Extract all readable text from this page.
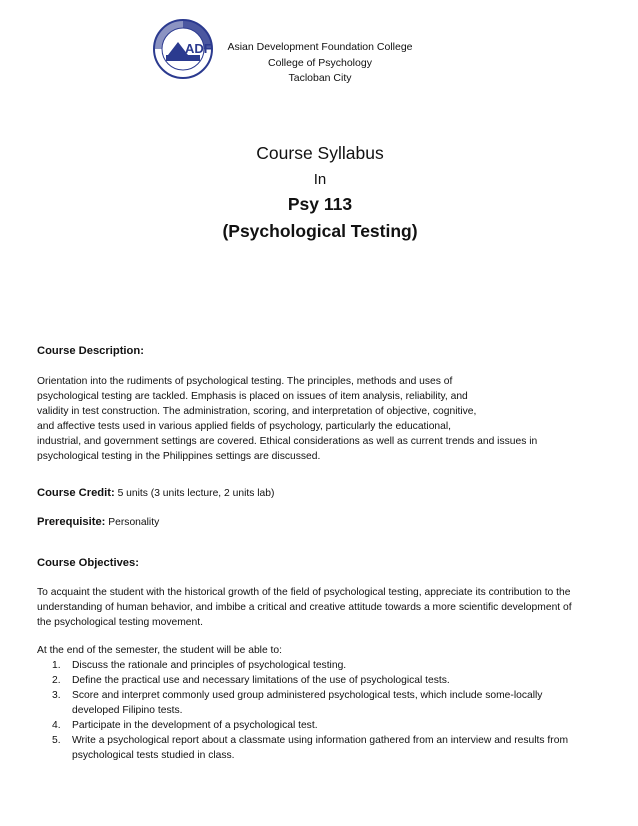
ADF	Asian Development Foundation College
College of Psychology
Tacloban City
Course Syllabus
In
Psy 113
(Psychological Testing)
Course Description:
Orientation into the rudiments of psychological testing. The principles, methods and uses of
psychological testing are tackled. Emphasis is placed on issues of item analysis, reliability, and
validity in test construction. The administration, scoring, and interpretation of objective, cognitive,
and affective tests used in various applied fields of psychology, particularly the educational,
industrial, and government settings are covered. Ethical considerations as well as current trends and issues in
psychological testing in the Philippines settings are discussed.
Course Credit: 5 units (3 units lecture, 2 units lab)
Prerequisite: Personality
Course Objectives:
To acquaint the student with the historical growth of the field of psychological testing, appreciate its contribution to the
understanding of human behavior, and imbibe a critical and creative attitude towards a more scientific development of
the psychological testing movement.
At the end of the semester, the student will be able to:
1. Discuss the rationale and principles of psychological testing.
2. Define the practical use and necessary limitations of the use of psychological tests.
3. Score and interpret commonly used group administered psychological tests, which include some-locally
developed Filipino tests.
4. Participate in the development of a psychological test.
5. Write a psychological report about a classmate using information gathered from an interview and results from
psychological tests studied in class.
